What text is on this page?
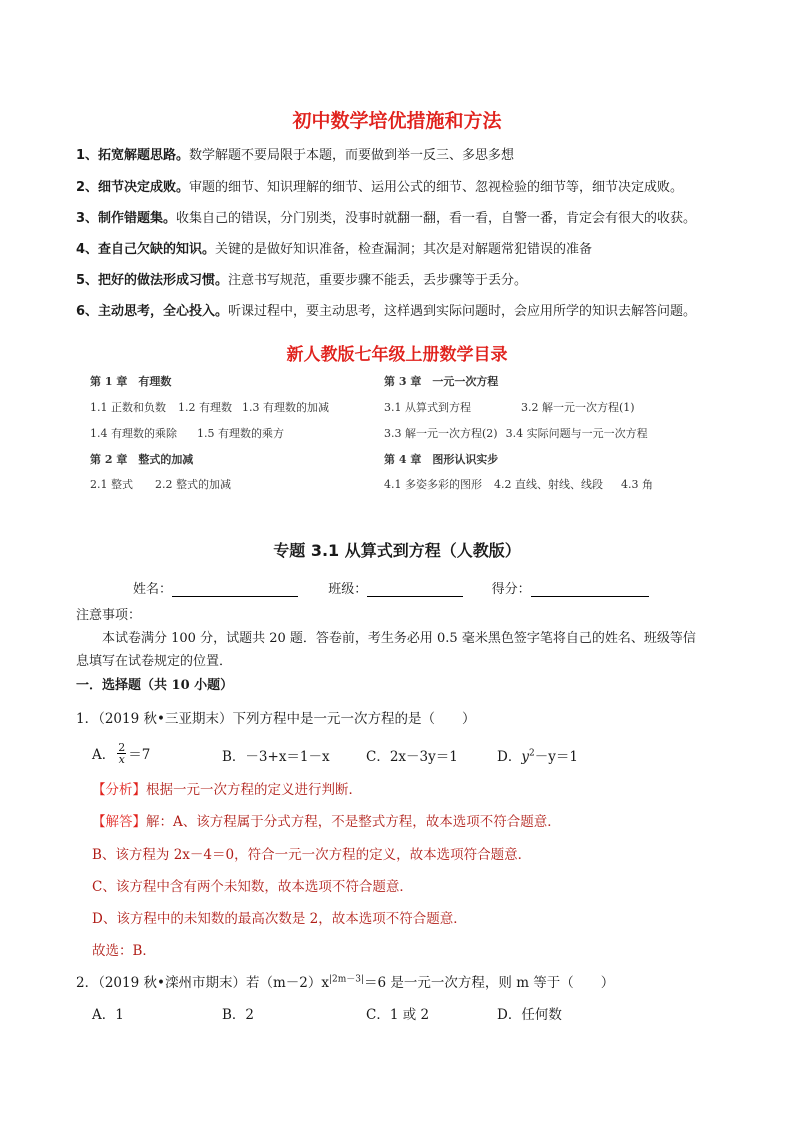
初中数学培优措施和方法
1、拓宽解题思路。数学解题不要局限于本题，而要做到举一反三、多思多想
2、细节决定成败。审题的细节、知识理解的细节、运用公式的细节、忽视检验的细节等，细节决定成败。
3、制作错题集。收集自己的错误，分门别类，没事时就翻一翻，看一看，自警一番，肯定会有很大的收获。
4、查自己欠缺的知识。关键的是做好知识准备，检查漏洞；其次是对解题常犯错误的准备
5、把好的做法形成习惯。注意书写规范，重要步骤不能丢，丢步骤等于丢分。
6、主动思考，全心投入。听课过程中，要主动思考，这样遇到实际问题时，会应用所学的知识去解答问题。
新人教版七年级上册数学目录
第 1 章　有理数
1.1 正数和负数 1.2 有理数 1.3 有理数的加减
1.4 有理数的乘除 1.5 有理数的乘方
第 2 章　整式的加减
2.1 整式 2.2 整式的加减
第 3 章　一元一次方程
3.1 从算式到方程	3.2 解一元一次方程(1)
3.3 解一元一次方程(2) 3.4 实际问题与一元一次方程
第 4 章　图形认识实步
4.1 多姿多彩的图形 4.2 直线、射线、线段 4.3 角
专题 3.1 从算式到方程（人教版）
姓名：	班级：	得分：
注意事项：
本试卷满分 100 分，试题共 20 题．答卷前，考生务必用 0.5 毫米黑色签字笔将自己的姓名、班级等信
息填写在试卷规定的位置．
一．选择题（共 10 小题）
1．（2019 秋•三亚期末）下列方程中是一元一次方程的是（　　）
A． $\frac{2}{x} =7$	B．－3+x＝1－x	C．2x－3y＝1	D．$y^2-y=1$
【分析】根据一元一次方程的定义进行判断．
【解答】解：A、该方程属于分式方程，不是整式方程，故本选项不符合题意．
B、该方程为 2x－4＝0，符合一元一次方程的定义，故本选项符合题意．
C、该方程中含有两个未知数，故本选项不符合题意．
D、该方程中的未知数的最高次数是 2，故本选项不符合题意．
故选：B．
2．（2019 秋•滦州市期末）若$(m-2)x^{|2m-3|}=6$ 是一元一次方程，则 m 等于（　　）
A．1	B．2	C．1 或 2	D．任何数
